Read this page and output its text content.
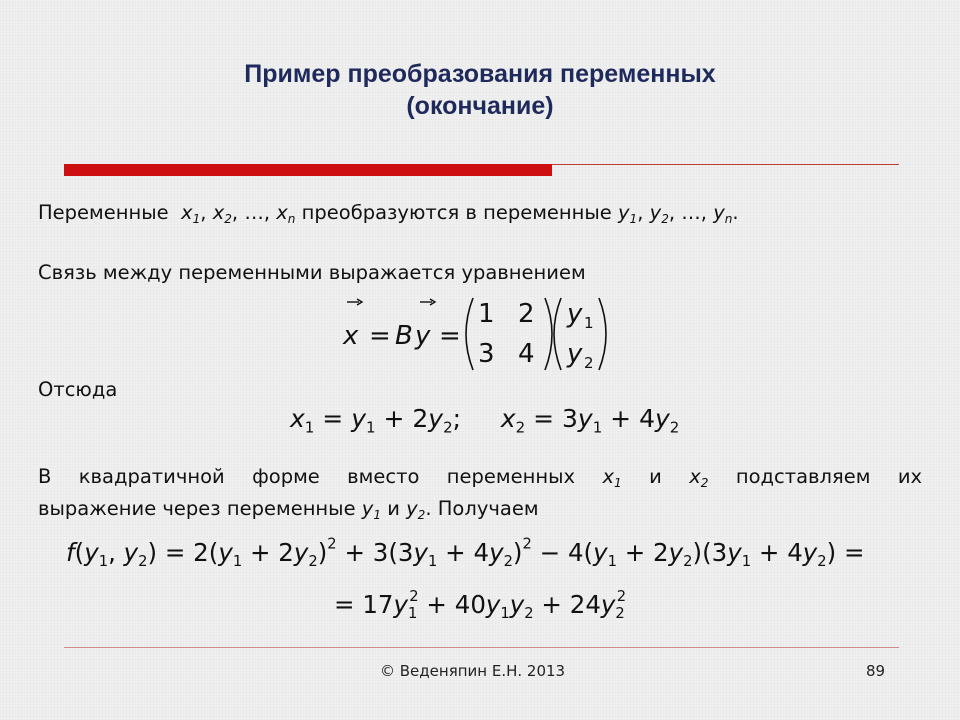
Пример преобразования переменных
(окончание)
Переменные $x_1$, $x_2$, …, $x_n$ преобразуются в переменные $y_1$, $y_2$, …, $y_n$.
Связь между переменными выражается уравнением
x = B y =
1 2
3 4
y 1
y 2
Отсюда
$x_1 = y_1 + 2y_2$;     $x_2 = 3y_1 + 4y_2$
В квадратичной форме вместо переменных $x_1$ и $x_2$ подставляем их
выражение через переменные $y_1$ и $y_2$. Получаем
$f(y_1$, $y_2) = 2(y_1 + 2y_2)^2 + 3(3y_1 + 4y_2)^2 - 4(y_1 + 2y_2)(3y_1 + 4y_2)$ =
= $17y_1^2 + 40y_1y_2 + 24y_2^2$
© Веденяпин Е.Н. 2013	89
